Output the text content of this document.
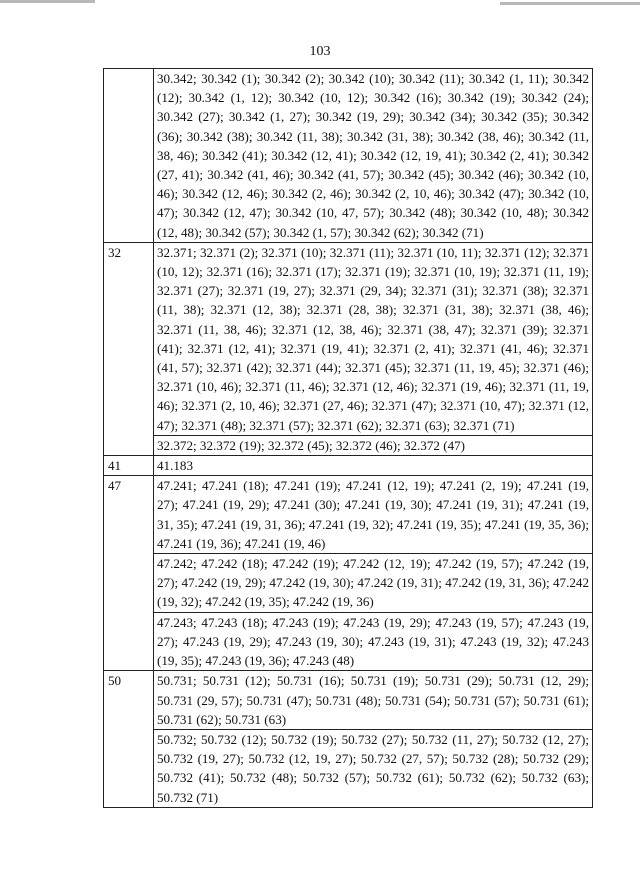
103
	30.342; 30.342 (1); 30.342 (2); 30.342 (10); 30.342 (11); 30.342 (1, 11); 30.342 (12); 30.342 (1, 12); 30.342 (10, 12); 30.342 (16); 30.342 (19); 30.342 (24); 30.342 (27); 30.342 (1, 27); 30.342 (19, 29); 30.342 (34); 30.342 (35); 30.342 (36); 30.342 (38); 30.342 (11, 38); 30.342 (31, 38); 30.342 (38, 46); 30.342 (11, 38, 46); 30.342 (41); 30.342 (12, 41); 30.342 (12, 19, 41); 30.342 (2, 41); 30.342 (27, 41); 30.342 (41, 46); 30.342 (41, 57); 30.342 (45); 30.342 (46); 30.342 (10, 46); 30.342 (12, 46); 30.342 (2, 46); 30.342 (2, 10, 46); 30.342 (47); 30.342 (10, 47); 30.342 (12, 47); 30.342 (10, 47, 57); 30.342 (48); 30.342 (10, 48); 30.342 (12, 48); 30.342 (57); 30.342 (1, 57); 30.342 (62); 30.342 (71)
32	32.371; 32.371 (2); 32.371 (10); 32.371 (11); 32.371 (10, 11); 32.371 (12); 32.371 (10, 12); 32.371 (16); 32.371 (17); 32.371 (19); 32.371 (10, 19); 32.371 (11, 19); 32.371 (27); 32.371 (19, 27); 32.371 (29, 34); 32.371 (31); 32.371 (38); 32.371 (11, 38); 32.371 (12, 38); 32.371 (28, 38); 32.371 (31, 38); 32.371 (38, 46); 32.371 (11, 38, 46); 32.371 (12, 38, 46); 32.371 (38, 47); 32.371 (39); 32.371 (41); 32.371 (12, 41); 32.371 (19, 41); 32.371 (2, 41); 32.371 (41, 46); 32.371 (41, 57); 32.371 (42); 32.371 (44); 32.371 (45); 32.371 (11, 19, 45); 32.371 (46); 32.371 (10, 46); 32.371 (11, 46); 32.371 (12, 46); 32.371 (19, 46); 32.371 (11, 19, 46); 32.371 (2, 10, 46); 32.371 (27, 46); 32.371 (47); 32.371 (10, 47); 32.371 (12, 47); 32.371 (48); 32.371 (57); 32.371 (62); 32.371 (63); 32.371 (71)
	32.372; 32.372 (19); 32.372 (45); 32.372 (46); 32.372 (47)
41	41.183
47	47.241; 47.241 (18); 47.241 (19); 47.241 (12, 19); 47.241 (2, 19); 47.241 (19, 27); 47.241 (19, 29); 47.241 (30); 47.241 (19, 30); 47.241 (19, 31); 47.241 (19, 31, 35); 47.241 (19, 31, 36); 47.241 (19, 32); 47.241 (19, 35); 47.241 (19, 35, 36); 47.241 (19, 36); 47.241 (19, 46)
	47.242; 47.242 (18); 47.242 (19); 47.242 (12, 19); 47.242 (19, 57); 47.242 (19, 27); 47.242 (19, 29); 47.242 (19, 30); 47.242 (19, 31); 47.242 (19, 31, 36); 47.242 (19, 32); 47.242 (19, 35); 47.242 (19, 36)
	47.243; 47.243 (18); 47.243 (19); 47.243 (19, 29); 47.243 (19, 57); 47.243 (19, 27); 47.243 (19, 29); 47.243 (19, 30); 47.243 (19, 31); 47.243 (19, 32); 47.243 (19, 35); 47.243 (19, 36); 47.243 (48)
50	50.731; 50.731 (12); 50.731 (16); 50.731 (19); 50.731 (29); 50.731 (12, 29); 50.731 (29, 57); 50.731 (47); 50.731 (48); 50.731 (54); 50.731 (57); 50.731 (61); 50.731 (62); 50.731 (63)
	50.732; 50.732 (12); 50.732 (19); 50.732 (27); 50.732 (11, 27); 50.732 (12, 27); 50.732 (19, 27); 50.732 (12, 19, 27); 50.732 (27, 57); 50.732 (28); 50.732 (29); 50.732 (41); 50.732 (48); 50.732 (57); 50.732 (61); 50.732 (62); 50.732 (63); 50.732 (71)
